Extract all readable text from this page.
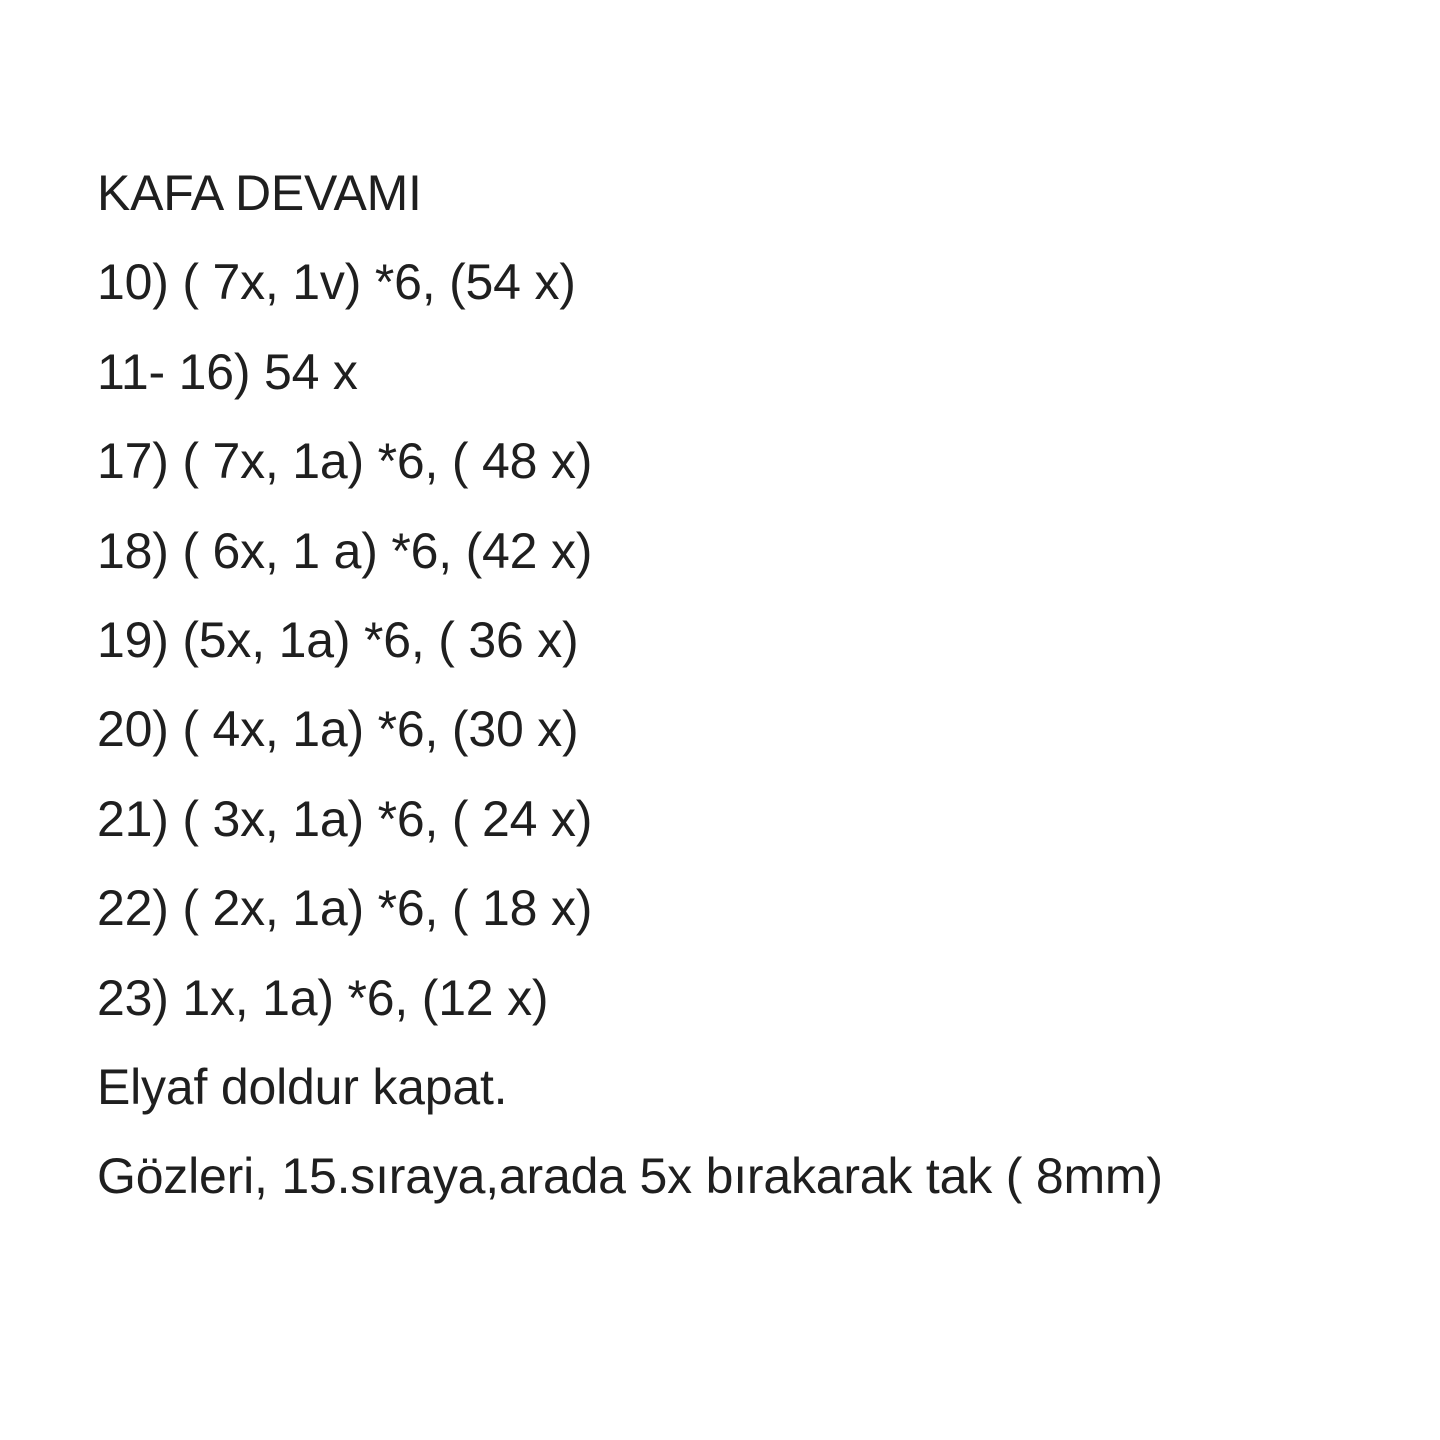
KAFA DEVAMI
10) ( 7x, 1v) *6, (54 x)
11- 16) 54 x
17) ( 7x, 1a) *6, ( 48 x)
18) ( 6x, 1 a) *6, (42 x)
19) (5x, 1a) *6, ( 36 x)
20) ( 4x, 1a) *6, (30 x)
21) ( 3x, 1a) *6, ( 24 x)
22) ( 2x, 1a) *6, ( 18 x)
23) 1x, 1a) *6, (12 x)
Elyaf doldur kapat.
Gözleri, 15.sıraya,arada 5x bırakarak tak ( 8mm)
